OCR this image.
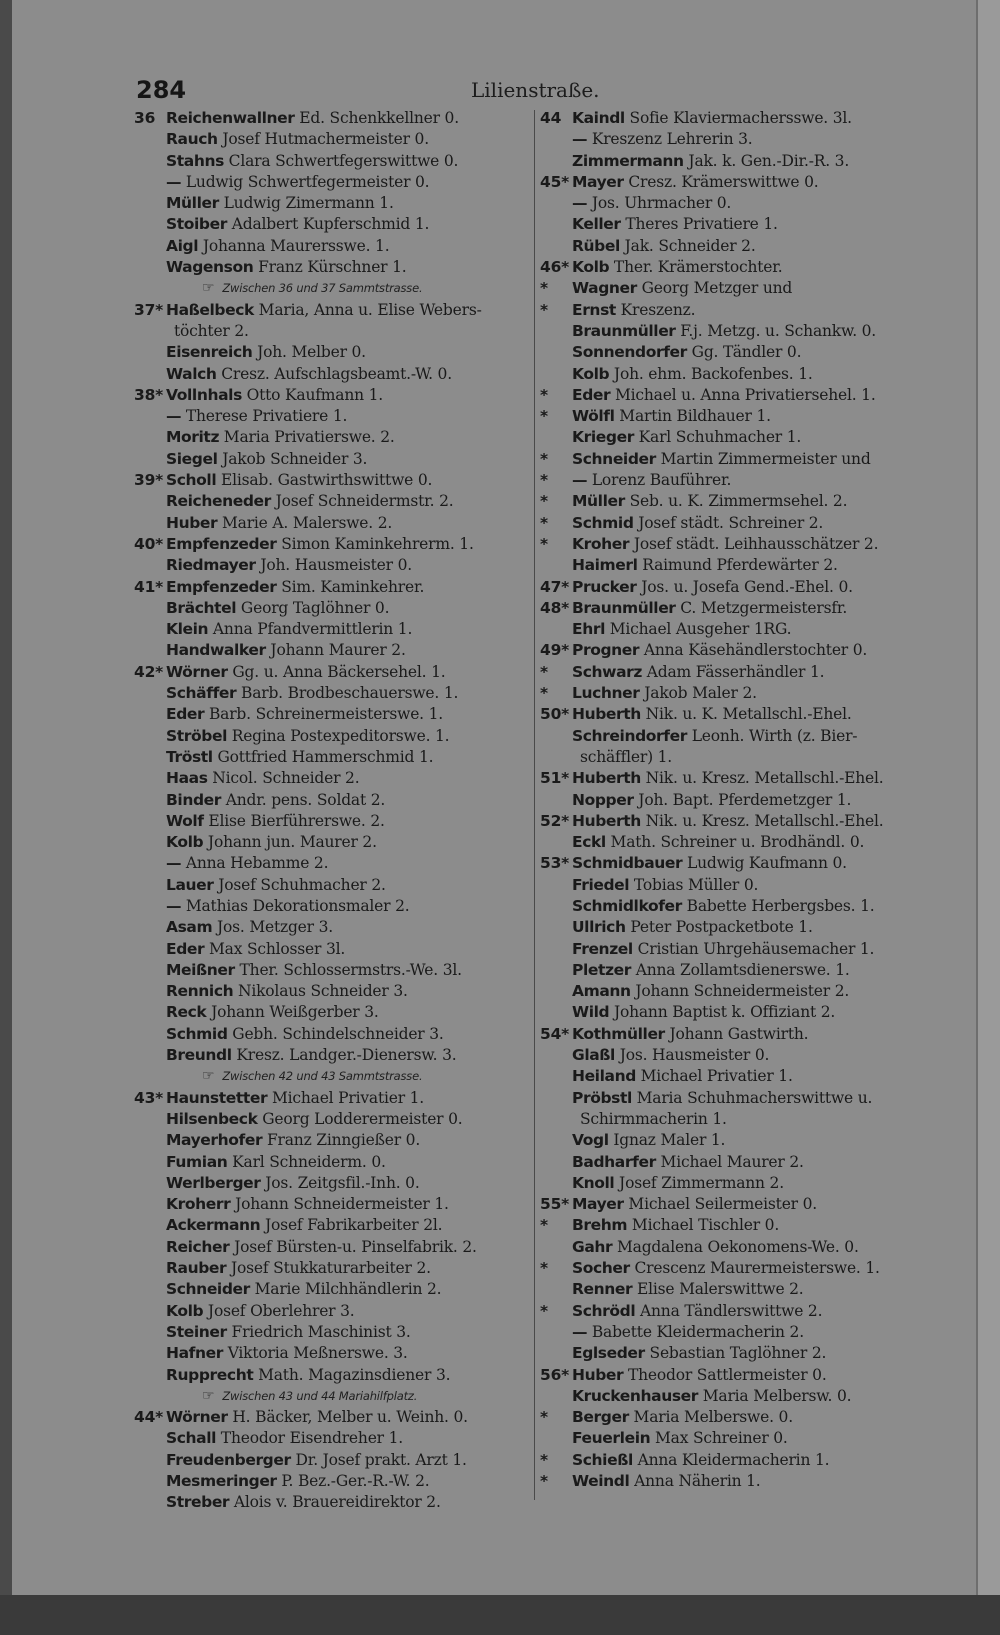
284	Lilienstraße.
36 Reichenwallner Ed. Schenkkellner 0.
Rauch Josef Hutmachermeister 0.
Stahns Clara Schwertfegerswittwe 0.
— Ludwig Schwertfegermeister 0.
Müller Ludwig Zimermann 1.
Stoiber Adalbert Kupferschmid 1.
Aigl Johanna Maurersswe. 1.
Wagenson Franz Kürschner 1.
☞ Zwischen 36 und 37 Sammtstrasse.
37* Haßelbeck Maria, Anna u. Elise Webers-
töchter 2.
Eisenreich Joh. Melber 0.
Walch Cresz. Aufschlagsbeamt.-W. 0.
38* Vollnhals Otto Kaufmann 1.
— Therese Privatiere 1.
Moritz Maria Privatierswe. 2.
Siegel Jakob Schneider 3.
39* Scholl Elisab. Gastwirthswittwe 0.
Reicheneder Josef Schneidermstr. 2.
Huber Marie A. Malerswe. 2.
40* Empfenzeder Simon Kaminkehrerm. 1.
Riedmayer Joh. Hausmeister 0.
41* Empfenzeder Sim. Kaminkehrer.
Brächtel Georg Taglöhner 0.
Klein Anna Pfandvermittlerin 1.
Handwalker Johann Maurer 2.
42* Wörner Gg. u. Anna Bäckersehel. 1.
Schäffer Barb. Brodbeschauerswe. 1.
Eder Barb. Schreinermeisterswe. 1.
Ströbel Regina Postexpeditorswe. 1.
Tröstl Gottfried Hammerschmid 1.
Haas Nicol. Schneider 2.
Binder Andr. pens. Soldat 2.
Wolf Elise Bierführerswe. 2.
Kolb Johann jun. Maurer 2.
— Anna Hebamme 2.
Lauer Josef Schuhmacher 2.
— Mathias Dekorationsmaler 2.
Asam Jos. Metzger 3.
Eder Max Schlosser 3l.
Meißner Ther. Schlossermstrs.-We. 3l.
Rennich Nikolaus Schneider 3.
Reck Johann Weißgerber 3.
Schmid Gebh. Schindelschneider 3.
Breundl Kresz. Landger.-Dienersw. 3.
☞ Zwischen 42 und 43 Sammtstrasse.
43* Haunstetter Michael Privatier 1.
Hilsenbeck Georg Lodderermeister 0.
Mayerhofer Franz Zinngießer 0.
Fumian Karl Schneiderm. 0.
Werlberger Jos. Zeitgsfil.-Inh. 0.
Kroherr Johann Schneidermeister 1.
Ackermann Josef Fabrikarbeiter 2l.
Reicher Josef Bürsten-u. Pinselfabrik. 2.
Rauber Josef Stukkaturarbeiter 2.
Schneider Marie Milchhändlerin 2.
Kolb Josef Oberlehrer 3.
Steiner Friedrich Maschinist 3.
Hafner Viktoria Meßnerswe. 3.
Rupprecht Math. Magazinsdiener 3.
☞ Zwischen 43 und 44 Mariahilfplatz.
44* Wörner H. Bäcker, Melber u. Weinh. 0.
Schall Theodor Eisendreher 1.
Freudenberger Dr. Josef prakt. Arzt 1.
Mesmeringer P. Bez.-Ger.-R.-W. 2.
Streber Alois v. Brauereidirektor 2.
44 Kaindl Sofie Klaviermachersswe. 3l.
— Kreszenz Lehrerin 3.
Zimmermann Jak. k. Gen.-Dir.-R. 3.
45* Mayer Cresz. Krämerswittwe 0.
— Jos. Uhrmacher 0.
Keller Theres Privatiere 1.
Rübel Jak. Schneider 2.
46* Kolb Ther. Krämerstochter.
* Wagner Georg Metzger und
* Ernst Kreszenz.
Braunmüller F.j. Metzg. u. Schankw. 0.
Sonnendorfer Gg. Tändler 0.
Kolb Joh. ehm. Backofenbes. 1.
* Eder Michael u. Anna Privatiersehel. 1.
* Wölfl Martin Bildhauer 1.
Krieger Karl Schuhmacher 1.
* Schneider Martin Zimmermeister und
* — Lorenz Bauführer.
* Müller Seb. u. K. Zimmermsehel. 2.
* Schmid Josef städt. Schreiner 2.
* Kroher Josef städt. Leihhausschätzer 2.
Haimerl Raimund Pferdewärter 2.
47* Prucker Jos. u. Josefa Gend.-Ehel. 0.
48* Braunmüller C. Metzgermeistersfr.
Ehrl Michael Ausgeher 1RG.
49* Progner Anna Käsehändlerstochter 0.
* Schwarz Adam Fässerhändler 1.
* Luchner Jakob Maler 2.
50* Huberth Nik. u. K. Metallschl.-Ehel.
Schreindorfer Leonh. Wirth (z. Bier-
schäffler) 1.
51* Huberth Nik. u. Kresz. Metallschl.-Ehel.
Nopper Joh. Bapt. Pferdemetzger 1.
52* Huberth Nik. u. Kresz. Metallschl.-Ehel.
Eckl Math. Schreiner u. Brodhändl. 0.
53* Schmidbauer Ludwig Kaufmann 0.
Friedel Tobias Müller 0.
Schmidlkofer Babette Herbergsbes. 1.
Ullrich Peter Postpacketbote 1.
Frenzel Cristian Uhrgehäusemacher 1.
Pletzer Anna Zollamtsdienerswe. 1.
Amann Johann Schneidermeister 2.
Wild Johann Baptist k. Offiziant 2.
54* Kothmüller Johann Gastwirth.
Glaßl Jos. Hausmeister 0.
Heiland Michael Privatier 1.
Pröbstl Maria Schuhmacherswittwe u.
Schirmmacherin 1.
Vogl Ignaz Maler 1.
Badharfer Michael Maurer 2.
Knoll Josef Zimmermann 2.
55* Mayer Michael Seilermeister 0.
* Brehm Michael Tischler 0.
Gahr Magdalena Oekonomens-We. 0.
* Socher Crescenz Maurermeisterswe. 1.
Renner Elise Malerswittwe 2.
* Schrödl Anna Tändlerswittwe 2.
— Babette Kleidermacherin 2.
Eglseder Sebastian Taglöhner 2.
56* Huber Theodor Sattlermeister 0.
Kruckenhauser Maria Melbersw. 0.
* Berger Maria Melberswe. 0.
Feuerlein Max Schreiner 0.
* Schießl Anna Kleidermacherin 1.
* Weindl Anna Näherin 1.
